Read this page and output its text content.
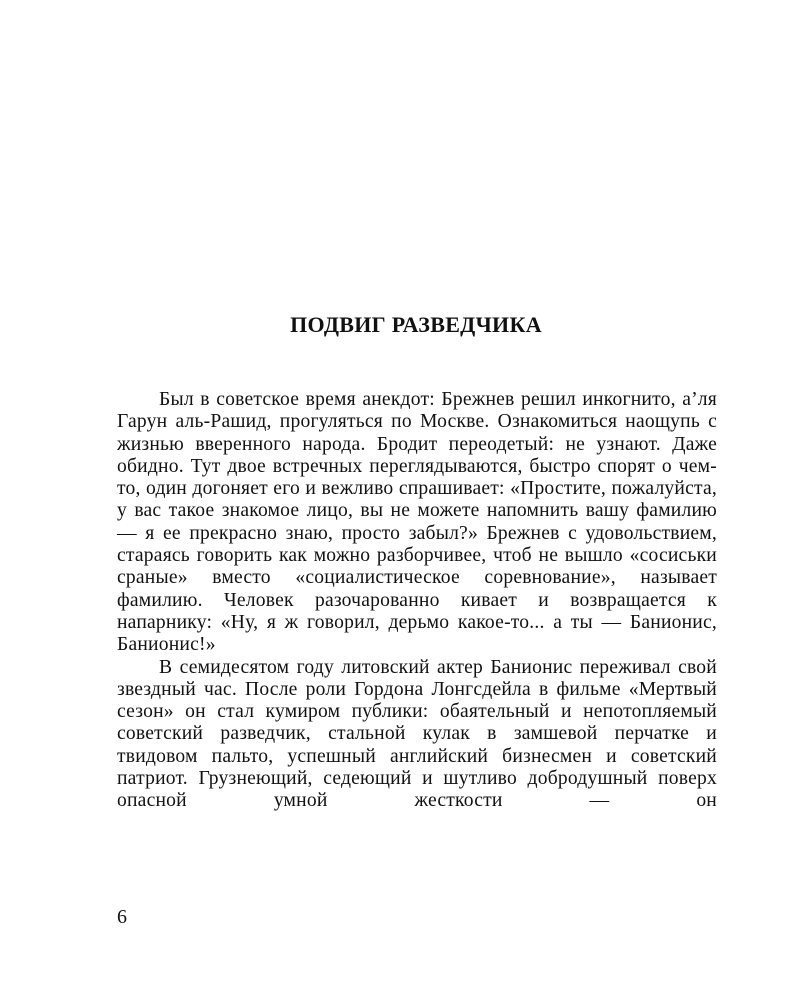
ПОДВИГ РАЗВЕДЧИКА

Был в советское время анекдот: Брежнев решил инкогнито, а’ля Гарун аль-Рашид, прогуляться по Москве. Ознакомиться наощупь с жизнью вверенного народа. Бродит переодетый: не узнают. Даже обидно. Тут двое встречных переглядываются, быстро спорят о чем-то, один догоняет его и вежливо спрашивает: «Простите, пожалуйста, у вас такое знакомое лицо, вы не можете напомнить вашу фамилию — я ее прекрасно знаю, просто забыл?» Брежнев с удовольствием, стараясь говорить как можно разборчивее, чтоб не вышло «сосиськи сраные» вместо «социалистическое соревнование», называет фамилию. Человек разочарованно кивает и возвращается к напарнику: «Ну, я ж говорил, дерьмо какое-то... а ты — Банионис, Банионис!»

В семидесятом году литовский актер Банионис переживал свой звездный час. После роли Гордона Лонгсдейла в фильме «Мертвый сезон» он стал кумиром публики: обаятельный и непотопляемый советский разведчик, стальной кулак в замшевой перчатке и твидовом пальто, успешный английский бизнесмен и советский патриот. Грузнеющий, седеющий и шутливо добродушный поверх опасной умной жесткости — он

6
